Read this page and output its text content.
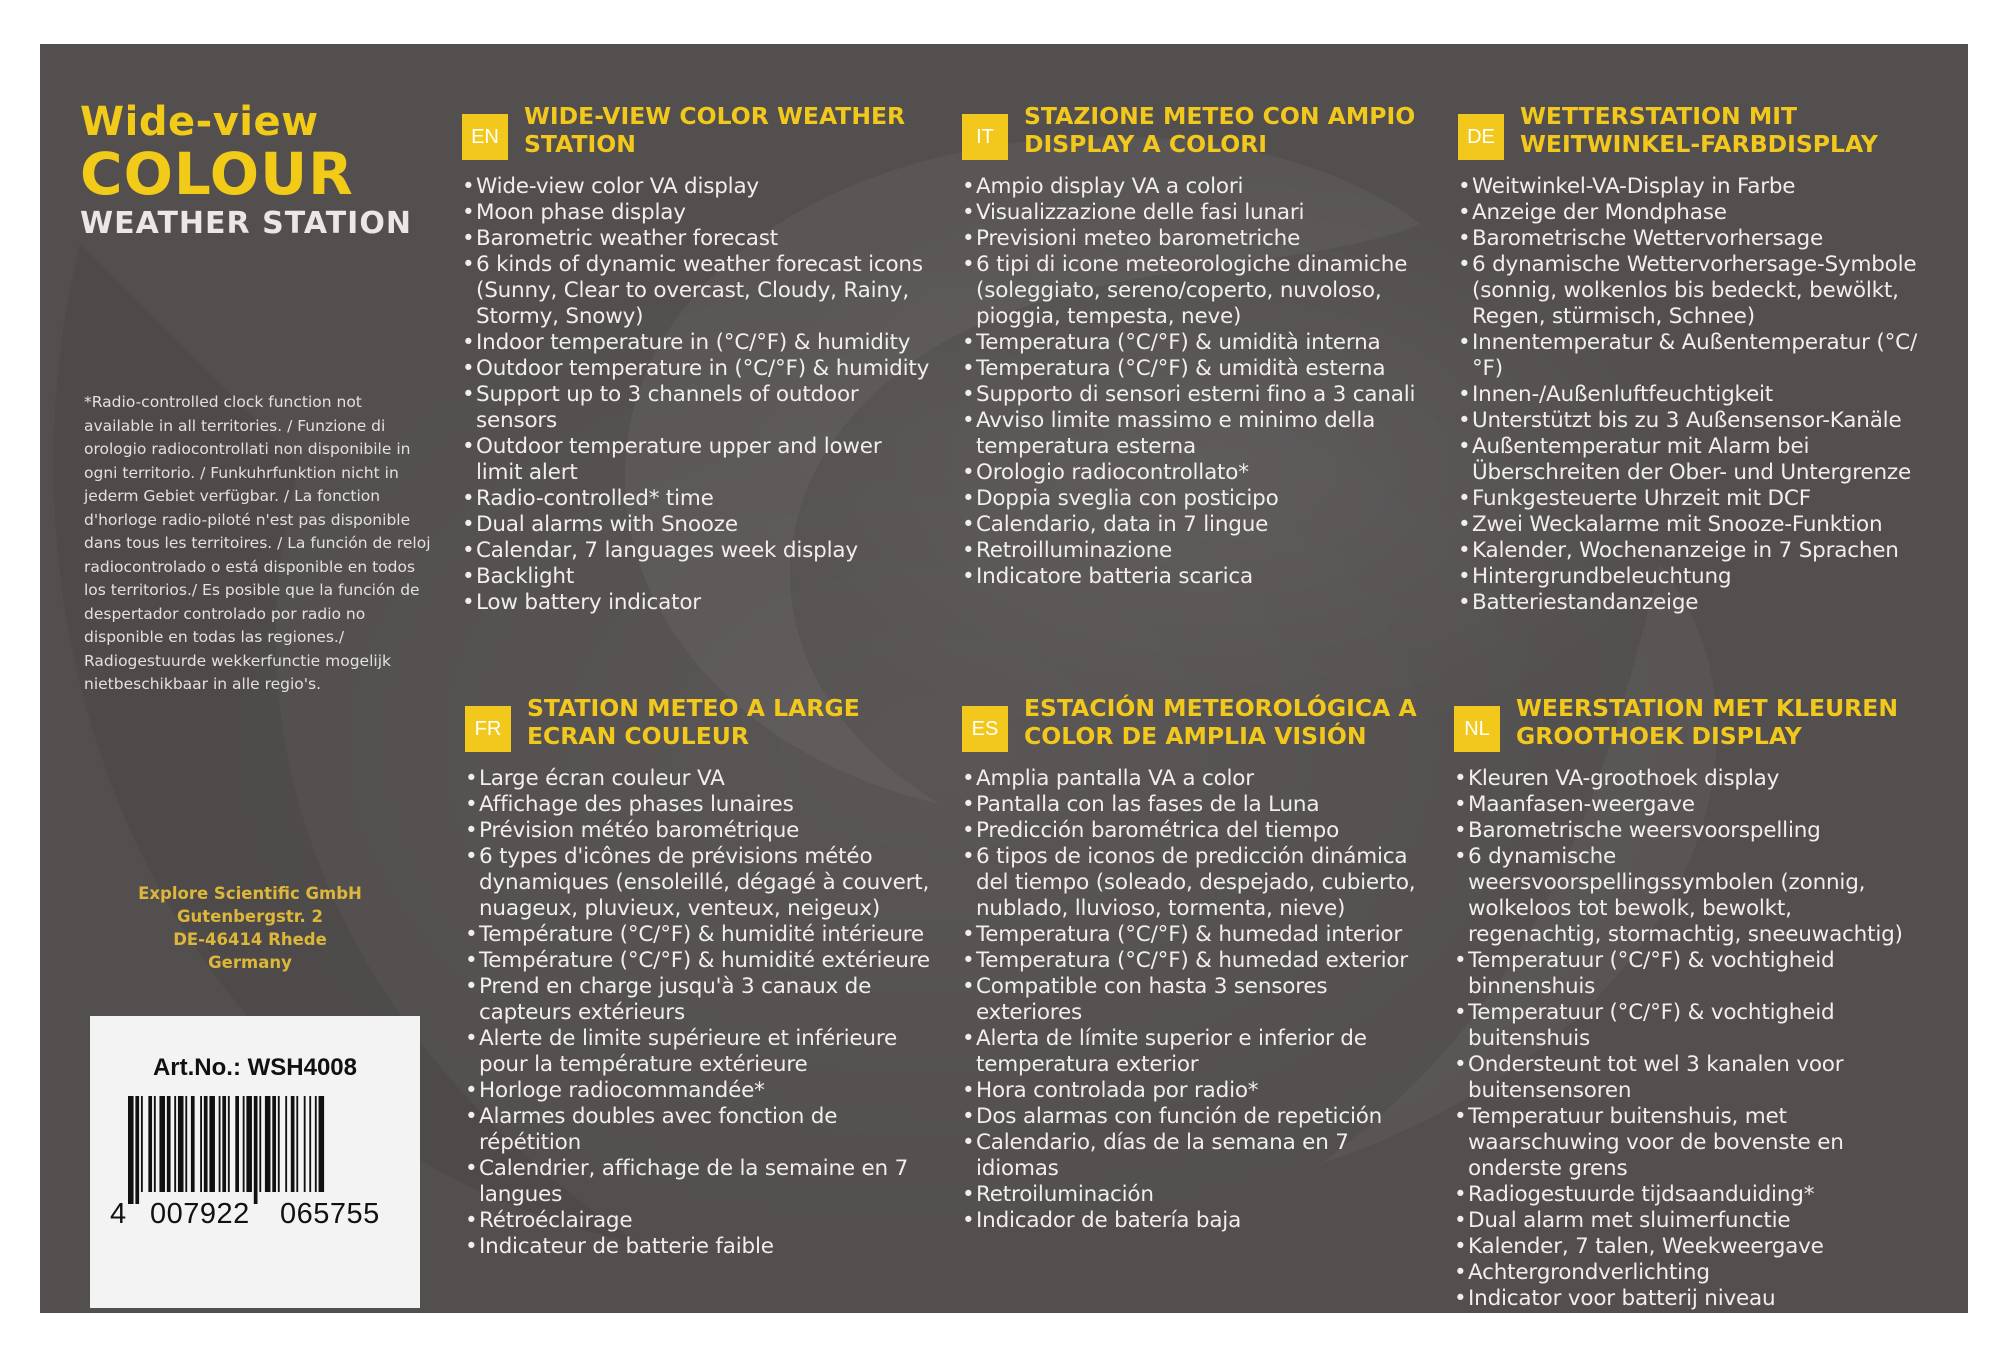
Wide-view
COLOUR
WEATHER STATION
*Radio-controlled clock function not available in all territories. / Funzione di orologio radiocontrollati non disponibile in ogni territorio. / Funkuhrfunktion nicht in jederm Gebiet verfügbar. / La fonction d'horloge radio-piloté n'est pas disponible dans tous les territoires. / La función de reloj radiocontrolado o está disponible en todos los territorios./ Es posible que la función de despertador controlado por radio no disponible en todas las regiones./ Radiogestuurde wekkerfunctie mogelijk nietbeschikbaar in alle regio's.
Explore Scientific GmbH
Gutenbergstr. 2
DE-46414 Rhede
Germany
Art.No.: WSH4008
4 007922 065755
EN
WIDE-VIEW COLOR WEATHER STATION
• Wide-view color VA display
• Moon phase display
• Barometric weather forecast
• 6 kinds of dynamic weather forecast icons (Sunny, Clear to overcast, Cloudy, Rainy, Stormy, Snowy)
• Indoor temperature in (°C/°F) & humidity
• Outdoor temperature in (°C/°F) & humidity
• Support up to 3 channels of outdoor sensors
• Outdoor temperature upper and lower limit alert
• Radio-controlled* time
• Dual alarms with Snooze
• Calendar, 7 languages week display
• Backlight
• Low battery indicator
IT
STAZIONE METEO CON AMPIO DISPLAY A COLORI
• Ampio display VA a colori
• Visualizzazione delle fasi lunari
• Previsioni meteo barometriche
• 6 tipi di icone meteorologiche dinamiche (soleggiato, sereno/coperto, nuvoloso, pioggia, tempesta, neve)
• Temperatura (°C/°F) & umidità interna
• Temperatura (°C/°F) & umidità esterna
• Supporto di sensori esterni fino a 3 canali
• Avviso limite massimo e minimo della temperatura esterna
• Orologio radiocontrollato*
• Doppia sveglia con posticipo
• Calendario, data in 7 lingue
• Retroilluminazione
• Indicatore batteria scarica
DE
WETTERSTATION MIT WEITWINKEL-FARBDISPLAY
• Weitwinkel-VA-Display in Farbe
• Anzeige der Mondphase
• Barometrische Wettervorhersage
• 6 dynamische Wettervorhersage-Symbole (sonnig, wolkenlos bis bedeckt, bewölkt, Regen, stürmisch, Schnee)
• Innentemperatur & Außentemperatur (°C/°F)
• Innen-/Außenluftfeuchtigkeit
• Unterstützt bis zu 3 Außensensor-Kanäle
• Außentemperatur mit Alarm bei Überschreiten der Ober- und Untergrenze
• Funkgesteuerte Uhrzeit mit DCF
• Zwei Weckalarme mit Snooze-Funktion
• Kalender, Wochenanzeige in 7 Sprachen
• Hintergrundbeleuchtung
• Batteriestandanzeige
FR
STATION METEO A LARGE ECRAN COULEUR
• Large écran couleur VA
• Affichage des phases lunaires
• Prévision météo barométrique
• 6 types d'icônes de prévisions météo dynamiques (ensoleillé, dégagé à couvert, nuageux, pluvieux, venteux, neigeux)
• Température (°C/°F) & humidité intérieure
• Température (°C/°F) & humidité extérieure
• Prend en charge jusqu'à 3 canaux de capteurs extérieurs
• Alerte de limite supérieure et inférieure pour la température extérieure
• Horloge radiocommandée*
• Alarmes doubles avec fonction de répétition
• Calendrier, affichage de la semaine en 7 langues
• Rétroéclairage
• Indicateur de batterie faible
ES
ESTACIÓN METEOROLÓGICA A COLOR DE AMPLIA VISIÓN
• Amplia pantalla VA a color
• Pantalla con las fases de la Luna
• Predicción barométrica del tiempo
• 6 tipos de iconos de predicción dinámica del tiempo (soleado, despejado, cubierto, nublado, lluvioso, tormenta, nieve)
• Temperatura (°C/°F) & humedad interior
• Temperatura (°C/°F) & humedad exterior
• Compatible con hasta 3 sensores exteriores
• Alerta de límite superior e inferior de temperatura exterior
• Hora controlada por radio*
• Dos alarmas con función de repetición
• Calendario, días de la semana en 7 idiomas
• Retroiluminación
• Indicador de batería baja
NL
WEERSTATION MET KLEUREN GROOTHOEK DISPLAY
• Kleuren VA-groothoek display
• Maanfasen-weergave
• Barometrische weersvoorspelling
• 6 dynamische weersvoorspellingssymbolen (zonnig, wolkeloos tot bewolk, bewolkt, regenachtig, stormachtig, sneeuwachtig)
• Temperatuur (°C/°F) & vochtigheid binnenshuis
• Temperatuur (°C/°F) & vochtigheid buitenshuis
• Ondersteunt tot wel 3 kanalen voor buitensensoren
• Temperatuur buitenshuis, met waarschuwing voor de bovenste en onderste grens
• Radiogestuurde tijdsaanduiding*
• Dual alarm met sluimerfunctie
• Kalender, 7 talen, Weekweergave
• Achtergrondverlichting
• Indicator voor batterij niveau
